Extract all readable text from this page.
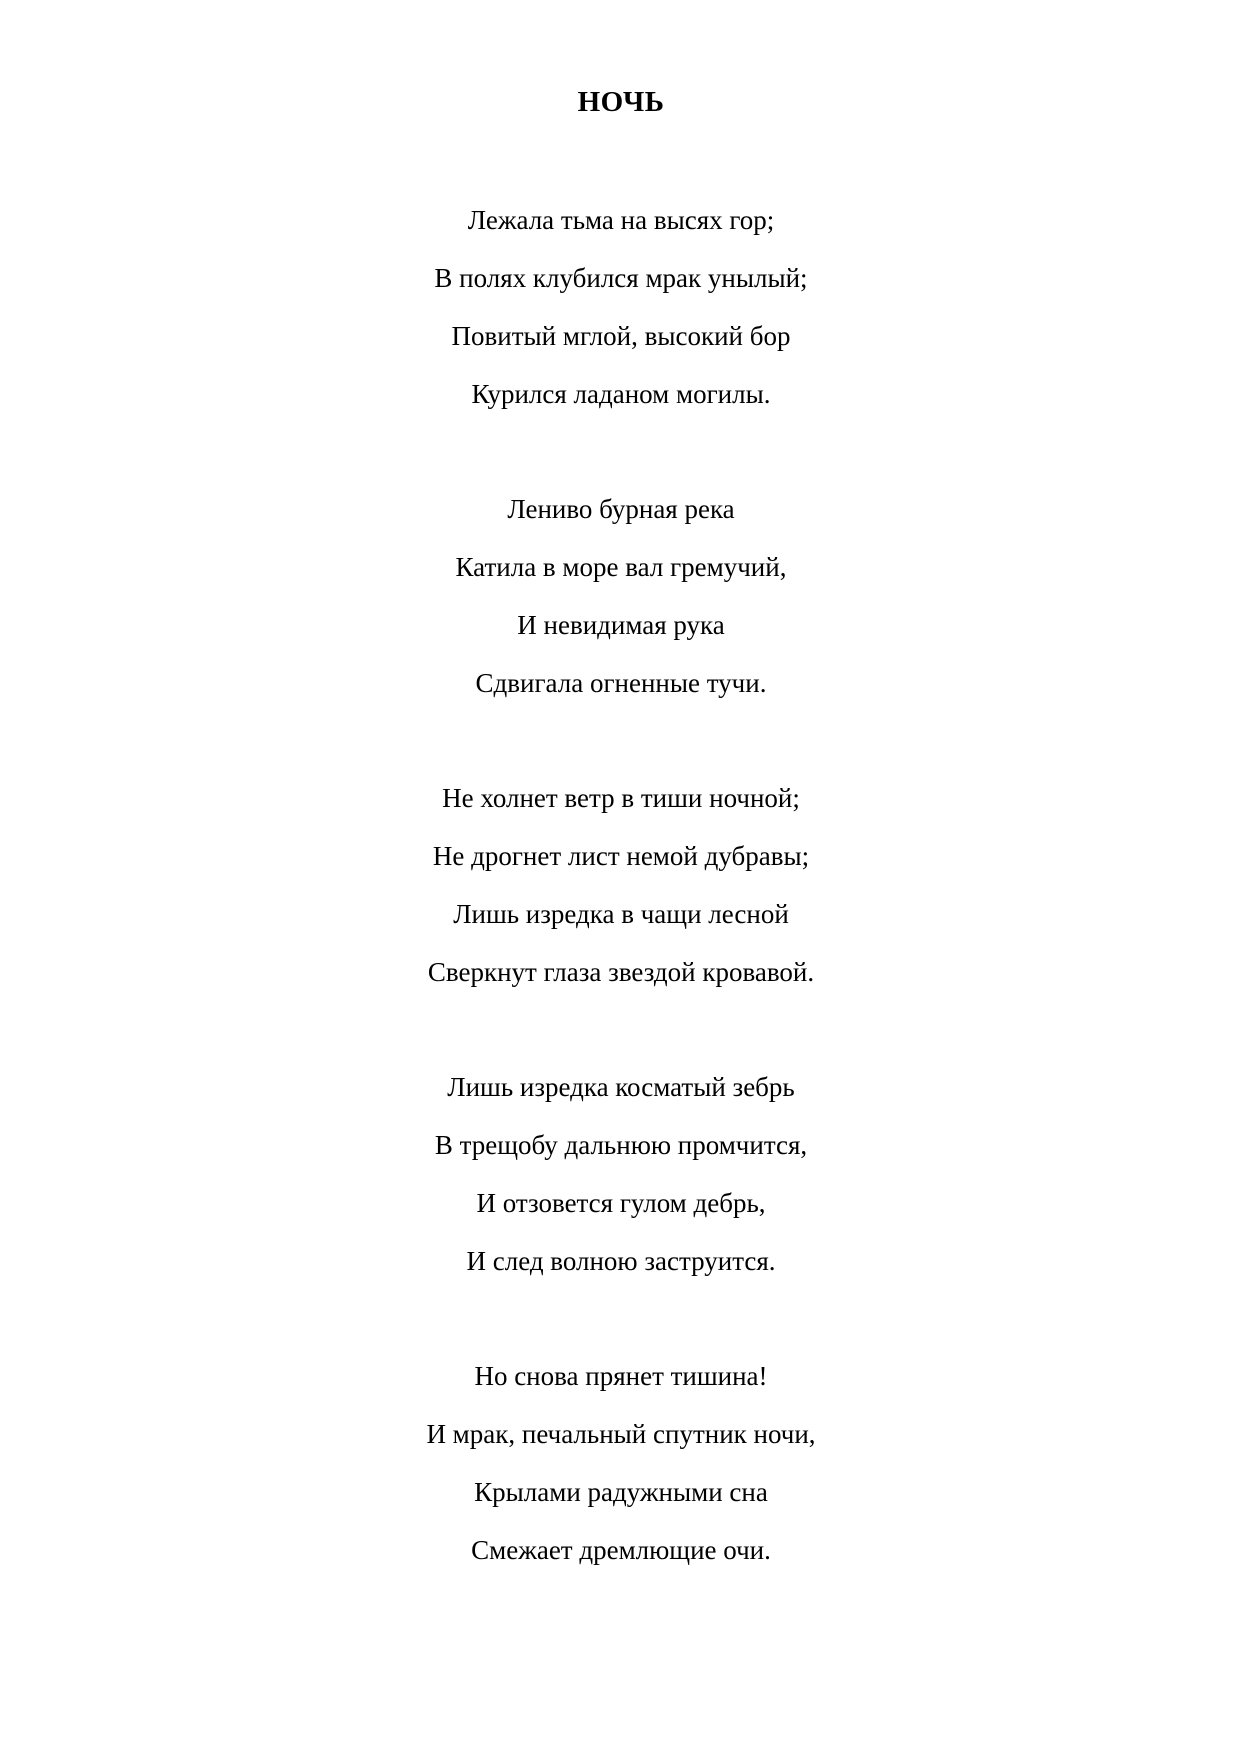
НОЧЬ
Лежала тьма на высях гор;
В полях клубился мрак унылый;
Повитый мглой, высокий бор
Курился ладаном могилы.
Лениво бурная река
Катила в море вал гремучий,
И невидимая рука
Сдвигала огненные тучи.
Не холнет ветр в тиши ночной;
Не дрогнет лист немой дубравы;
Лишь изредка в чащи лесной
Сверкнут глаза звездой кровавой.
Лишь изредка косматый зебрь
В трещобу дальнюю промчится,
И отзовется гулом дебрь,
И след волною заструится.
Но снова прянет тишина!
И мрак, печальный спутник ночи,
Крылами радужными сна
Смежает дремлющие очи.
